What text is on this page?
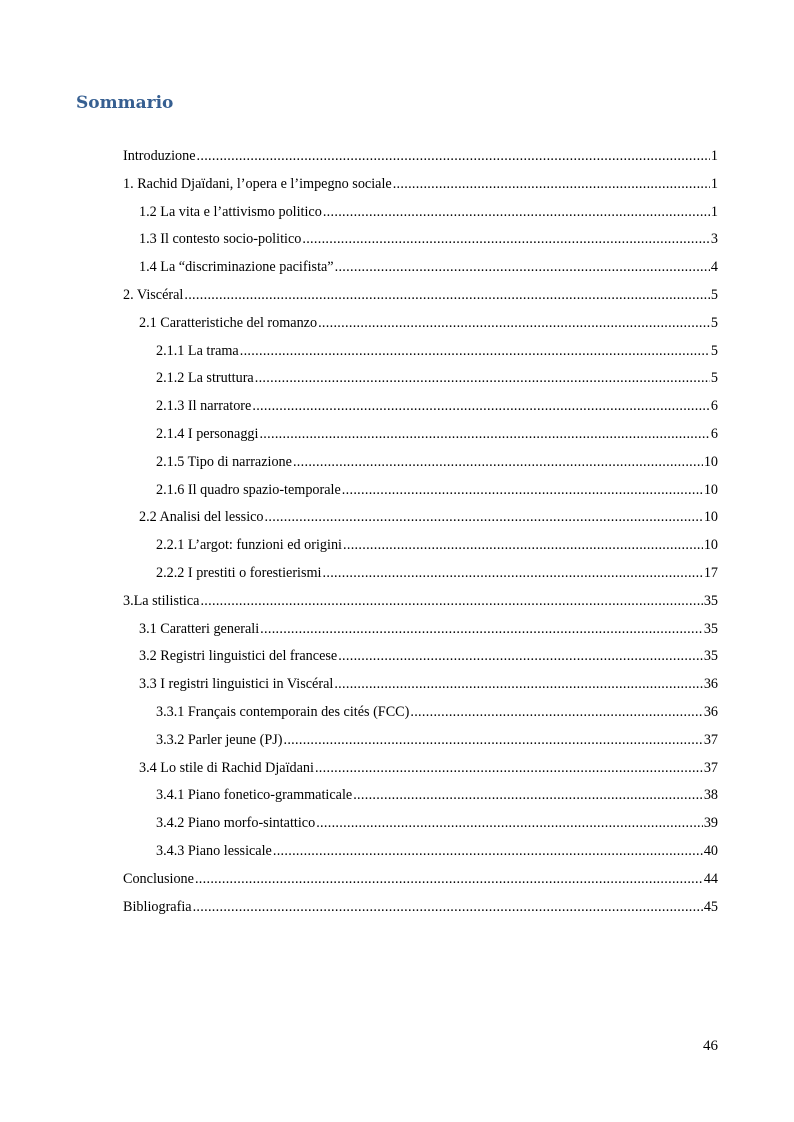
Sommario
Introduzione .....	1
1. Rachid Djaïdani, l’opera e l’impegno sociale .....	1
1.2 La vita e l’attivismo politico .....	1
1.3 Il contesto socio-politico .....	3
1.4 La “discriminazione pacifista” .....	4
2. Viscéral .....	5
2.1 Caratteristiche del romanzo .....	5
2.1.1 La trama .....	5
2.1.2 La struttura .....	5
2.1.3 Il narratore .....	6
2.1.4 I personaggi .....	6
2.1.5 Tipo di narrazione .....	10
2.1.6 Il quadro spazio-temporale .....	10
2.2 Analisi del lessico .....	10
2.2.1 L’argot: funzioni ed origini .....	10
2.2.2 I prestiti o forestierismi .....	17
3.La stilistica .....	35
3.1 Caratteri generali .....	35
3.2 Registri linguistici del francese .....	35
3.3 I registri linguistici in Viscéral .....	36
3.3.1 Français contemporain des cités (FCC) .....	36
3.3.2 Parler jeune (PJ) .....	37
3.4 Lo stile di Rachid Djaïdani .....	37
3.4.1 Piano fonetico-grammaticale .....	38
3.4.2 Piano morfo-sintattico .....	39
3.4.3 Piano lessicale .....	40
Conclusione .....	44
Bibliografia .....	45
46
